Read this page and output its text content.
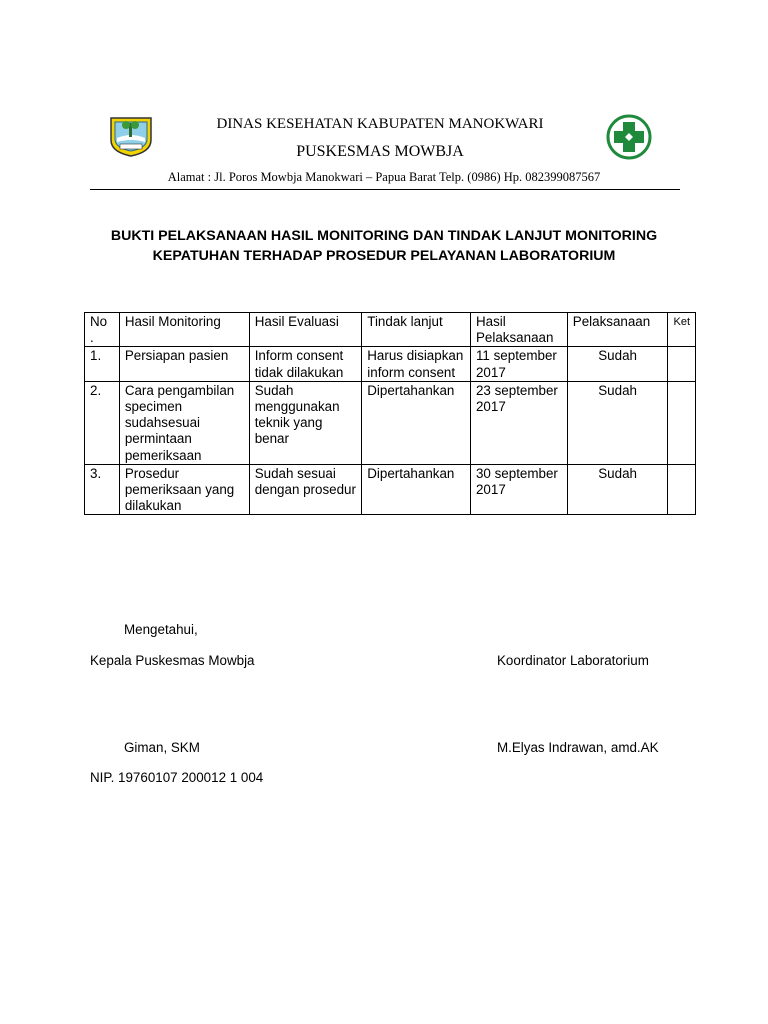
DINAS KESEHATAN KABUPATEN MANOKWARI
PUSKESMAS MOWBJA
Alamat : Jl. Poros Mowbja Manokwari – Papua Barat Telp. (0986) Hp. 082399087567
BUKTI PELAKSANAAN HASIL MONITORING DAN TINDAK LANJUT MONITORING
KEPATUHAN TERHADAP PROSEDUR PELAYANAN LABORATORIUM
No .	Hasil Monitoring	Hasil Evaluasi	Tindak lanjut	Hasil Pelaksanaan	Pelaksanaan	Ket
1.	Persiapan pasien	Inform consent tidak dilakukan	Harus disiapkan inform consent	11 september 2017	Sudah	
2.	Cara pengambilan specimen sudahsesuai permintaan pemeriksaan	Sudah menggunakan teknik yang benar	Dipertahankan	23 september 2017	Sudah	
3.	Prosedur pemeriksaan yang dilakukan	Sudah sesuai dengan prosedur	Dipertahankan	30 september 2017	Sudah	
Mengetahui,
Kepala Puskesmas Mowbja	Koordinator Laboratorium
Giman, SKM	M.Elyas Indrawan, amd.AK
NIP. 19760107 200012 1 004
